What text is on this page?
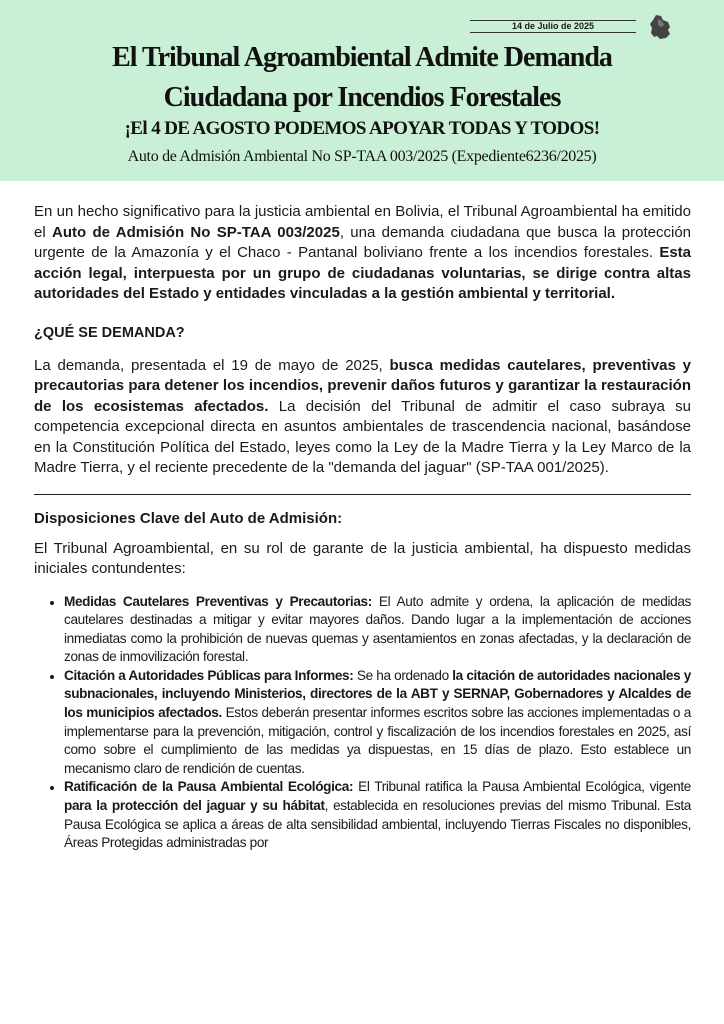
14 de Julio de 2025
El Tribunal Agroambiental Admite Demanda
Ciudadana por Incendios Forestales
¡El 4 DE AGOSTO PODEMOS APOYAR TODAS Y TODOS!
Auto de Admisión Ambiental No SP-TAA 003/2025 (Expediente6236/2025)

En un hecho significativo para la justicia ambiental en Bolivia, el Tribunal Agroambiental ha emitido el Auto de Admisión No SP-TAA 003/2025, una demanda ciudadana que busca la protección urgente de la Amazonía y el Chaco - Pantanal boliviano frente a los incendios forestales. Esta acción legal, interpuesta por un grupo de ciudadanas voluntarias, se dirige contra altas autoridades del Estado y entidades vinculadas a la gestión ambiental y territorial.

¿QUÉ SE DEMANDA?

La demanda, presentada el 19 de mayo de 2025, busca medidas cautelares, preventivas y precautorias para detener los incendios, prevenir daños futuros y garantizar la restauración de los ecosistemas afectados. La decisión del Tribunal de admitir el caso subraya su competencia excepcional directa en asuntos ambientales de trascendencia nacional, basándose en la Constitución Política del Estado, leyes como la Ley de la Madre Tierra y la Ley Marco de la Madre Tierra, y el reciente precedente de la "demanda del jaguar" (SP-TAA 001/2025).

Disposiciones Clave del Auto de Admisión:

El Tribunal Agroambiental, en su rol de garante de la justicia ambiental, ha dispuesto medidas iniciales contundentes:

• Medidas Cautelares Preventivas y Precautorias: El Auto admite y ordena, la aplicación de medidas cautelares destinadas a mitigar y evitar mayores daños. Dando lugar a la implementación de acciones inmediatas como la prohibición de nuevas quemas y asentamientos en zonas afectadas, y la declaración de zonas de inmovilización forestal.
• Citación a Autoridades Públicas para Informes: Se ha ordenado la citación de autoridades nacionales y subnacionales, incluyendo Ministerios, directores de la ABT y SERNAP, Gobernadores y Alcaldes de los municipios afectados. Estos deberán presentar informes escritos sobre las acciones implementadas o a implementarse para la prevención, mitigación, control y fiscalización de los incendios forestales en 2025, así como sobre el cumplimiento de las medidas ya dispuestas, en 15 días de plazo. Esto establece un mecanismo claro de rendición de cuentas.
• Ratificación de la Pausa Ambiental Ecológica: El Tribunal ratifica la Pausa Ambiental Ecológica, vigente para la protección del jaguar y su hábitat, establecida en resoluciones previas del mismo Tribunal. Esta Pausa Ecológica se aplica a áreas de alta sensibilidad ambiental, incluyendo Tierras Fiscales no disponibles, Áreas Protegidas administradas por
